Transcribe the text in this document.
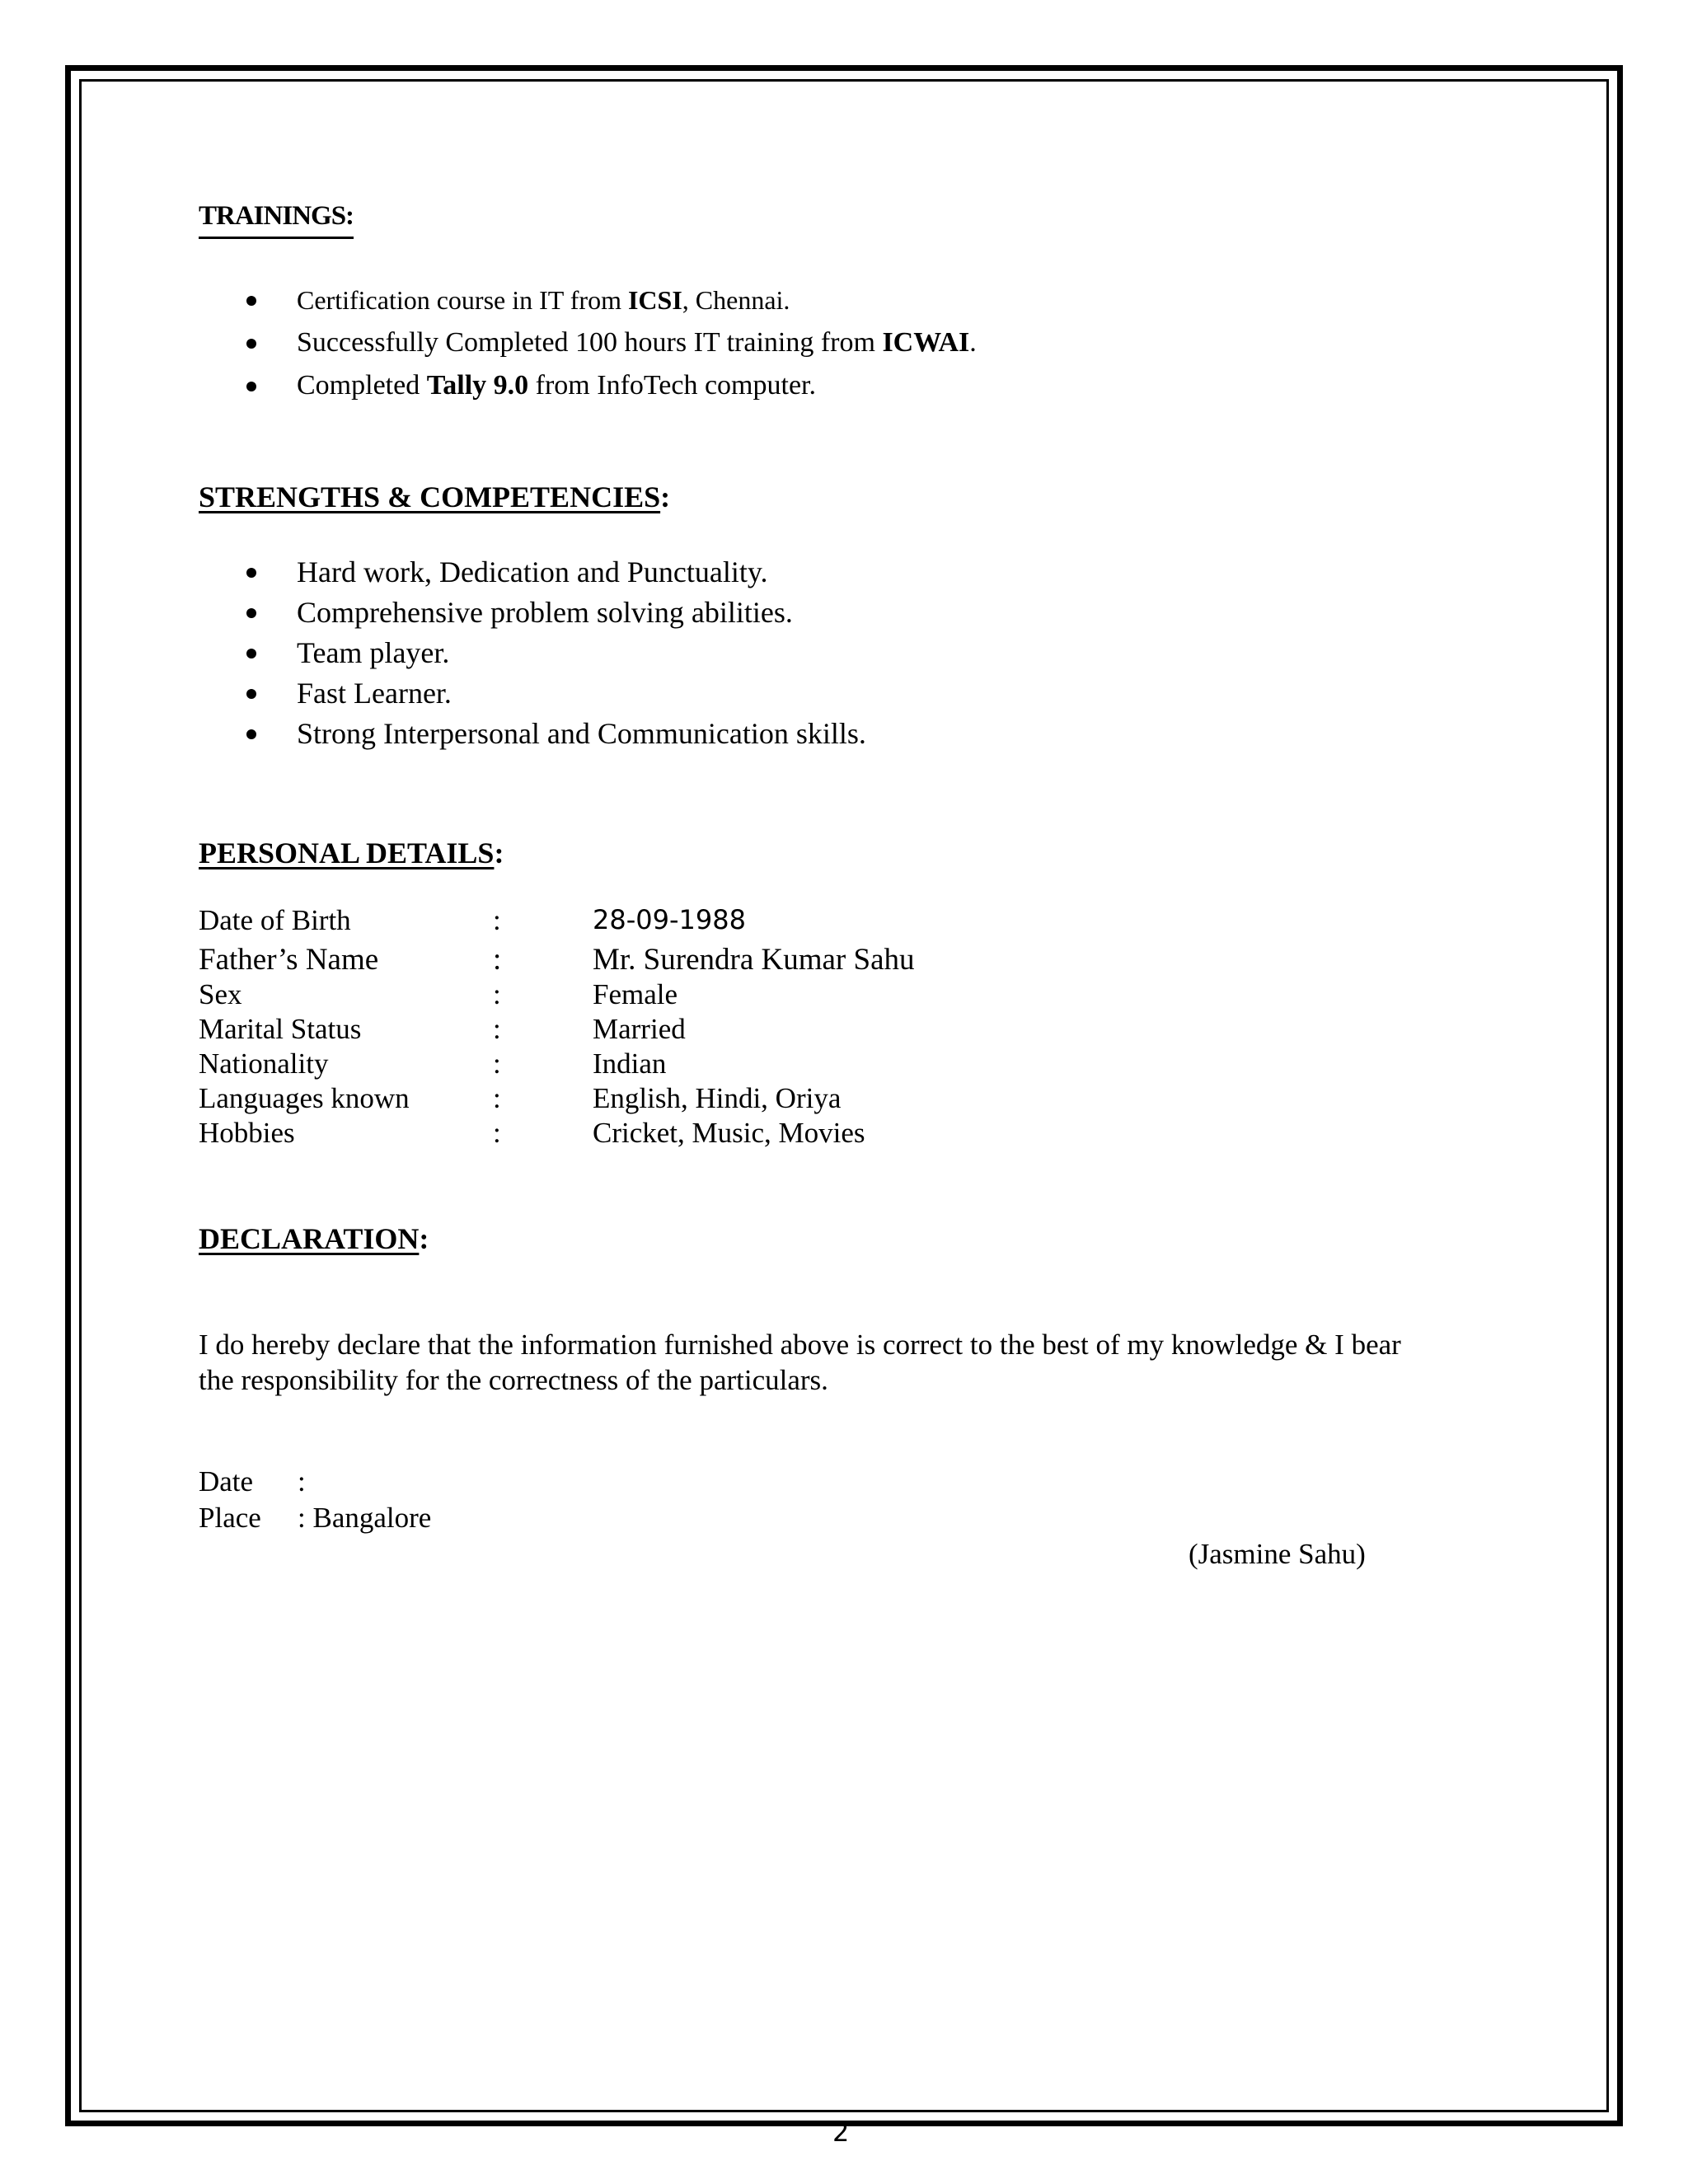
TRAININGS:
Certification course in IT from ICSI, Chennai.
Successfully Completed 100 hours IT training from ICWAI.
Completed Tally 9.0 from InfoTech computer.
STRENGTHS & COMPETENCIES:
Hard work, Dedication and Punctuality.
Comprehensive problem solving abilities.
Team player.
Fast Learner.
Strong Interpersonal and Communication skills.
PERSONAL DETAILS:
Date of Birth	:	28-09-1988
Father’s Name	:	Mr. Surendra Kumar Sahu
Sex	:	Female
Marital Status	:	Married
Nationality	:	Indian
Languages known	:	English, Hindi, Oriya
Hobbies	:	Cricket, Music, Movies
DECLARATION:
I do hereby declare that the information furnished above is correct to the best of my knowledge & I bear
the responsibility for the correctness of the particulars.
Date :
Place : Bangalore
(Jasmine Sahu)
2
